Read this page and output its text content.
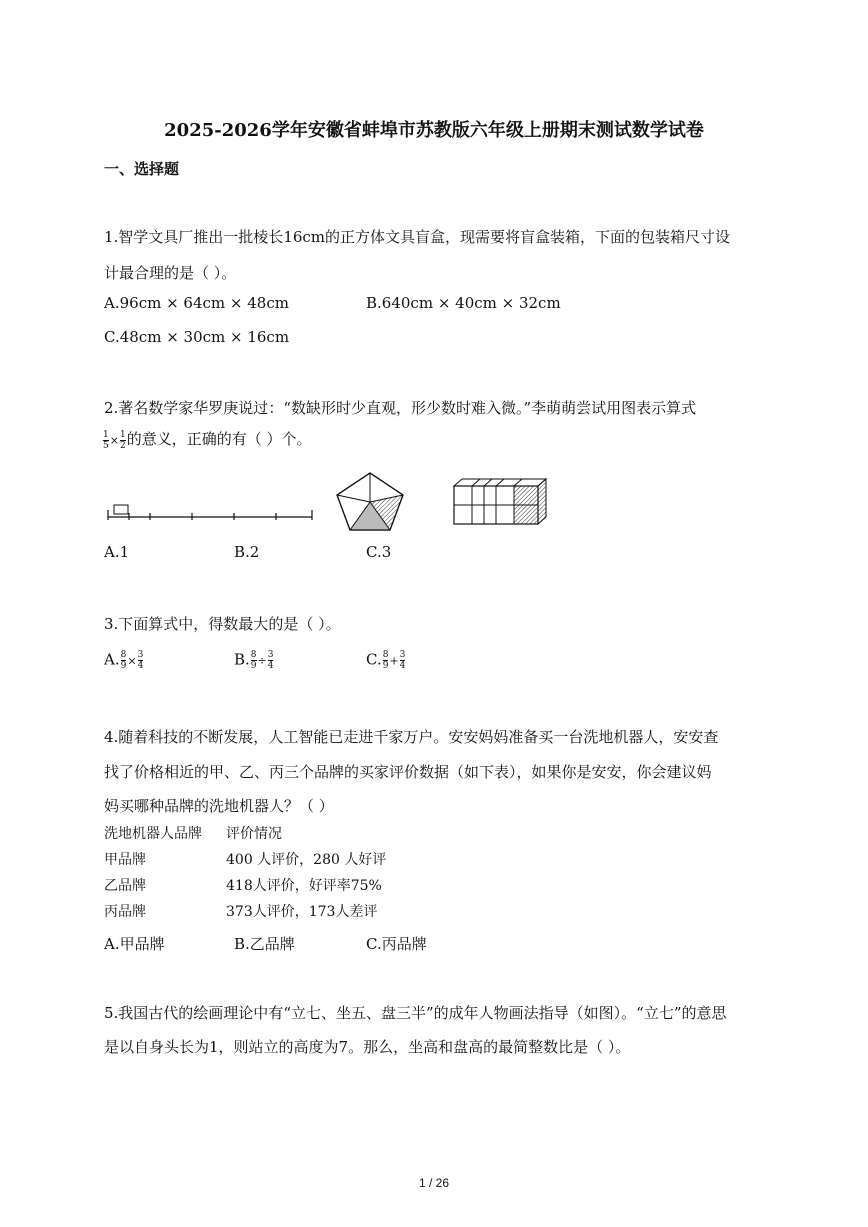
2025-2026学年安徽省蚌埠市苏教版六年级上册期末测试数学试卷
一、选择题
1.智学文具厂推出一批棱长16cm的正方体文具盲盒，现需要将盲盒装箱，下面的包装箱尺寸设
计最合理的是（ ）。
A.96cm × 64cm × 48cm	B.640cm × 40cm × 32cm
C.48cm × 30cm × 16cm
2.著名数学家华罗庚说过：“数缺形时少直观，形少数时难入微。”李萌萌尝试用图表示算式
$\frac{1}{5} \times \frac{1}{2}$ 的意义，正确的有（ ）个。
A.1	B.2	C.3
3.下面算式中，得数最大的是（ ）。
A. $\frac{8}{9} \times \frac{3}{4}$	B. $\frac{8}{9} \div \frac{3}{4}$	C. $\frac{8}{9} + \frac{3}{4}$
4.随着科技的不断发展，人工智能已走进千家万户。安安妈妈准备买一台洗地机器人，安安查
找了价格相近的甲、乙、丙三个品牌的买家评价数据（如下表），如果你是安安，你会建议妈
妈买哪种品牌的洗地机器人？（ ）
洗地机器人品牌	评价情况
甲品牌	400 人评价，280 人好评
乙品牌	418人评价，好评率75%
丙品牌	373人评价，173人差评
A.甲品牌	B.乙品牌	C.丙品牌
5.我国古代的绘画理论中有“立七、坐五、盘三半”的成年人物画法指导（如图）。“立七”的意思
是以自身头长为1，则站立的高度为7。那么，坐高和盘高的最简整数比是（ ）。
1 / 26
